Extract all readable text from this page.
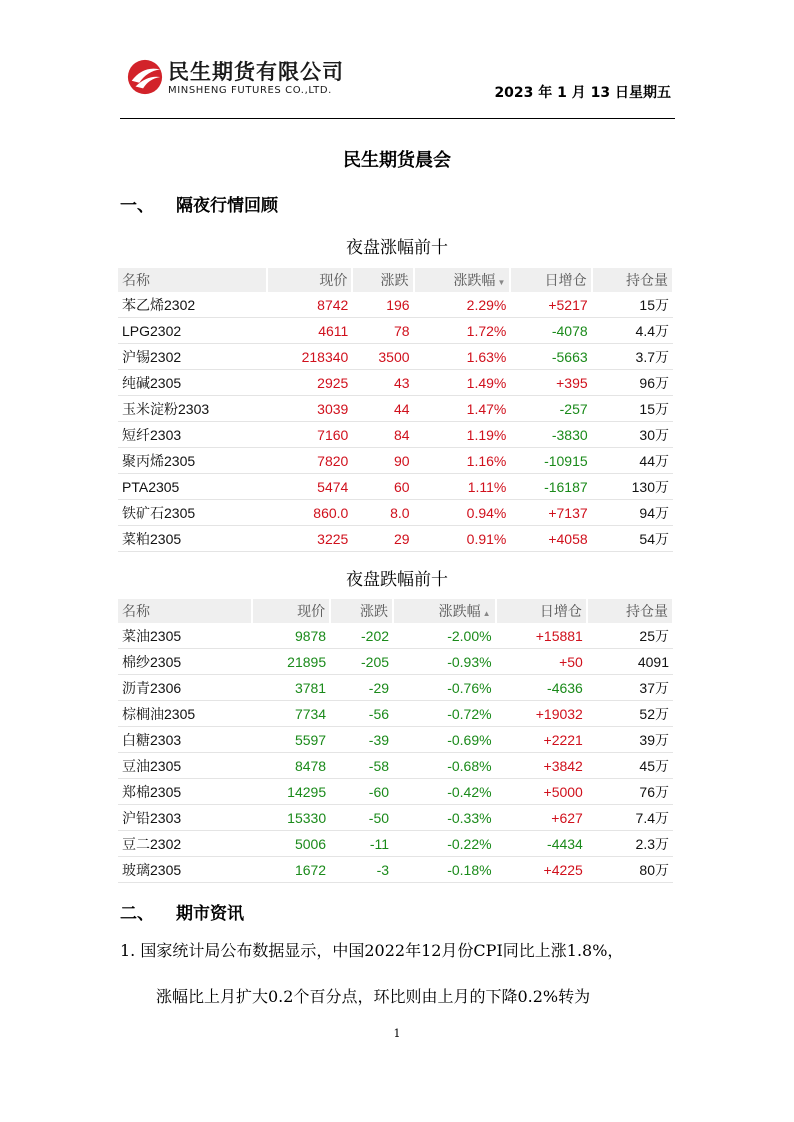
民生期货有限公司
MINSHENG FUTURES CO.,LTD.	2023 年 1 月 13 日星期五
民生期货晨会
一、 隔夜行情回顾
夜盘涨幅前十
名称	现价	涨跌	涨跌幅 ▼	日增仓	持仓量
苯乙烯2302	8742	196	2.29%	+5217	15万
LPG2302	4611	78	1.72%	-4078	4.4万
沪锡2302	218340	3500	1.63%	-5663	3.7万
纯碱2305	2925	43	1.49%	+395	96万
玉米淀粉2303	3039	44	1.47%	-257	15万
短纤2303	7160	84	1.19%	-3830	30万
聚丙烯2305	7820	90	1.16%	-10915	44万
PTA2305	5474	60	1.11%	-16187	130万
铁矿石2305	860.0	8.0	0.94%	+7137	94万
菜粕2305	3225	29	0.91%	+4058	54万
夜盘跌幅前十
名称	现价	涨跌	涨跌幅 ▲	日增仓	持仓量
菜油2305	9878	-202	-2.00%	+15881	25万
棉纱2305	21895	-205	-0.93%	+50	4091
沥青2306	3781	-29	-0.76%	-4636	37万
棕榈油2305	7734	-56	-0.72%	+19032	52万
白糖2303	5597	-39	-0.69%	+2221	39万
豆油2305	8478	-58	-0.68%	+3842	45万
郑棉2305	14295	-60	-0.42%	+5000	76万
沪铅2303	15330	-50	-0.33%	+627	7.4万
豆二2302	5006	-11	-0.22%	-4434	2.3万
玻璃2305	1672	-3	-0.18%	+4225	80万
二、 期市资讯
1. 国家统计局公布数据显示，中国2022年12月份CPI同比上涨1.8%，
涨幅比上月扩大0.2个百分点，环比则由上月的下降0.2%转为
1
